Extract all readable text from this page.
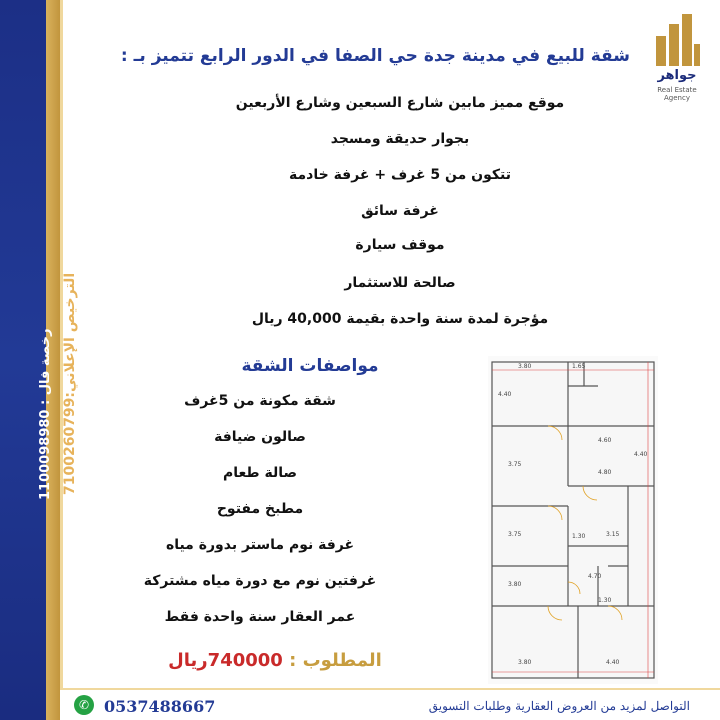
رخصة فال : 1100098980
الترخيص الإعلاني:7100260799
جواهر
Real Estate Agency
شقة للبيع في مدينة جدة حي الصفا في الدور الرابع تتميز بـ :
موقع مميز مابين شارع السبعين وشارع الأربعين
بجوار حديقة ومسجد
تتكون من 5 غرف + غرفة خادمة
غرفة سائق
موقف سيارة
صالحة للاستثمار
مؤجرة لمدة سنة واحدة بقيمة 40,000 ريال
مواصفات الشقة
شقة مكونة من 5غرف
صالون ضيافة
صالة طعام
مطبخ مفتوح
غرفة نوم ماستر بدورة مياه
غرفتين نوم مع دورة مياه مشتركة
عمر العقار سنة واحدة فقط
المطلوب : 740000ريال
3.80	1.65
4.60
4.40
4.80
3.75
3.75
4.40
3.15
1.30
4.70
3.80
1.30
3.80	4.40
✆ 0537488667	التواصل لمزيد من العروض العقارية وطلبات التسويق
